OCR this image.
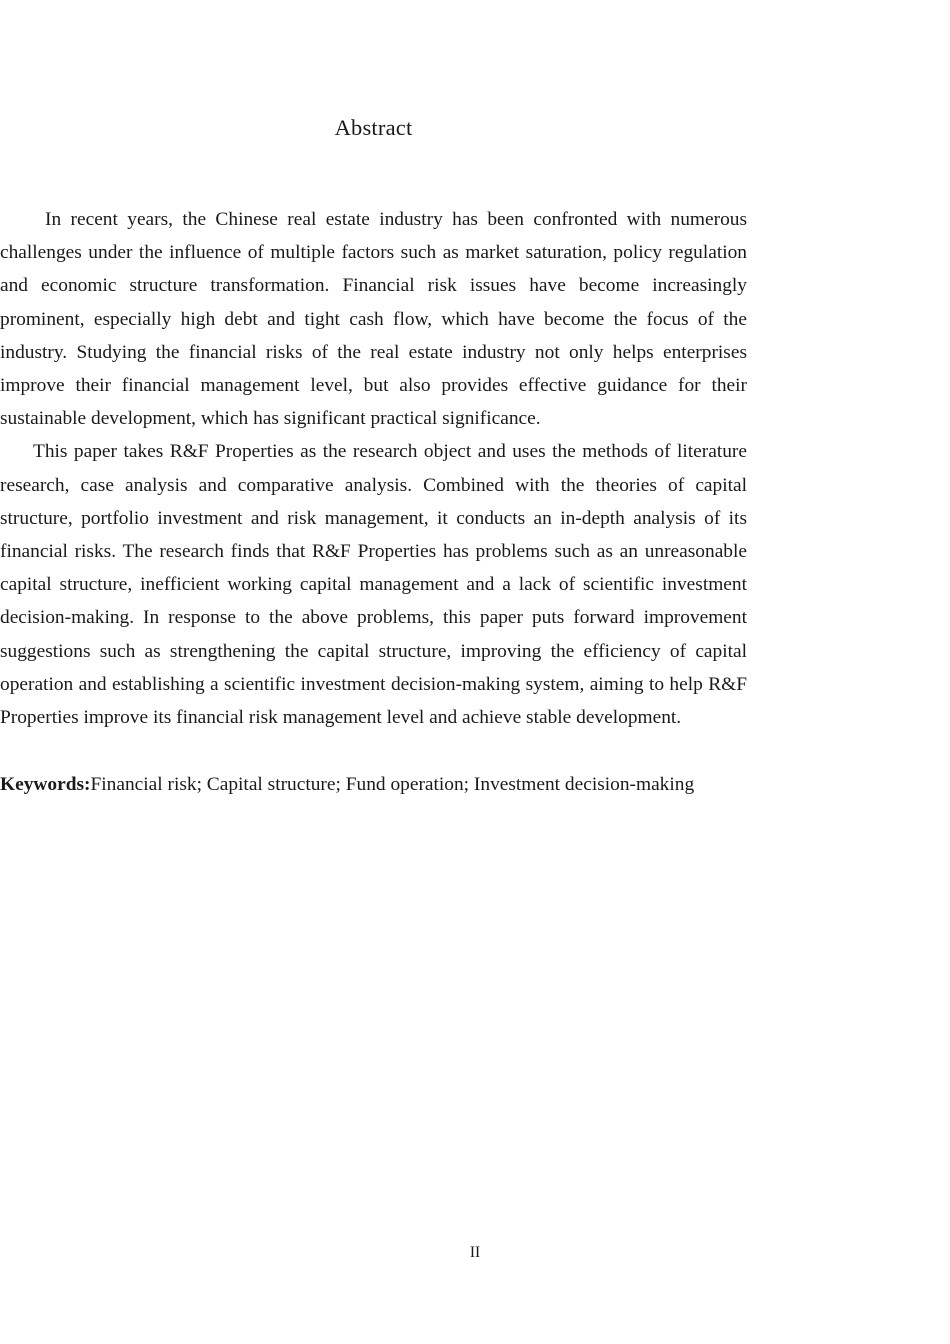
Abstract

In recent years, the Chinese real estate industry has been confronted with numerous challenges under the influence of multiple factors such as market saturation, policy regulation and economic structure transformation. Financial risk issues have become increasingly prominent, especially high debt and tight cash flow, which have become the focus of the industry. Studying the financial risks of the real estate industry not only helps enterprises improve their financial management level, but also provides effective guidance for their sustainable development, which has significant practical significance.

This paper takes R&F Properties as the research object and uses the methods of literature research, case analysis and comparative analysis. Combined with the theories of capital structure, portfolio investment and risk management, it conducts an in-depth analysis of its financial risks. The research finds that R&F Properties has problems such as an unreasonable capital structure, inefficient working capital management and a lack of scientific investment decision-making. In response to the above problems, this paper puts forward improvement suggestions such as strengthening the capital structure, improving the efficiency of capital operation and establishing a scientific investment decision-making system, aiming to help R&F Properties improve its financial risk management level and achieve stable development.

Keywords:Financial risk; Capital structure; Fund operation; Investment decision-making
II
